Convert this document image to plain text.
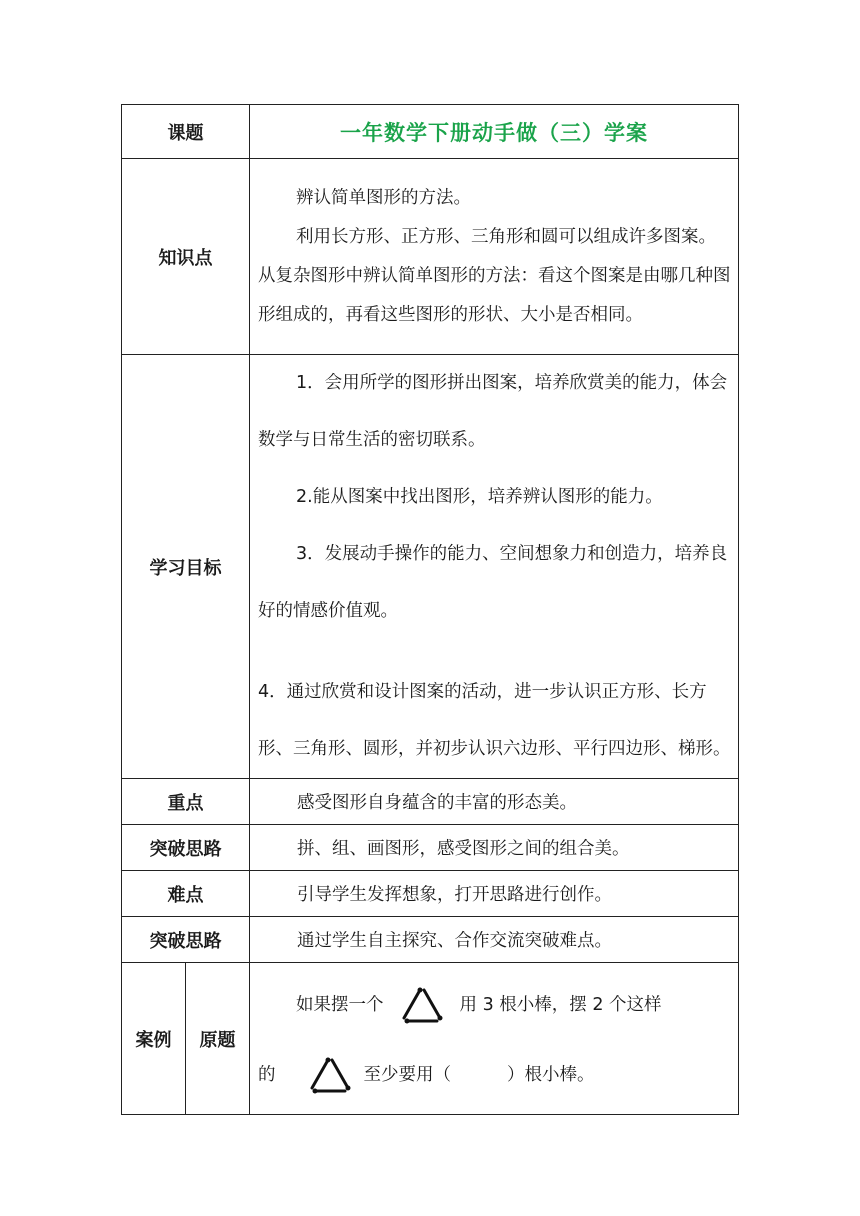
课题		一年数学下册动手做（三）学案
知识点		辨认简单图形的方法。
利用长方形、正方形、三角形和圆可以组成许多图案。从复杂图形中辨认简单图形的方法：看这个图案是由哪几种图形组成的，再看这些图形的形状、大小是否相同。

学习目标		1．会用所学的图形拼出图案，培养欣赏美的能力，体会数学与日常生活的密切联系。
2.能从图案中找出图形，培养辨认图形的能力。
3．发展动手操作的能力、空间想象力和创造力，培养良好的情感价值观。
4．通过欣赏和设计图案的活动，进一步认识正方形、长方形、三角形、圆形，并初步认识六边形、平行四边形、梯形。

重点		感受图形自身蕴含的丰富的形态美。
突破思路		拼、组、画图形，感受图形之间的组合美。
难点		引导学生发挥想象，打开思路进行创作。
突破思路		通过学生自主探究、合作交流突破难点。
案例	原题	如果摆一个 用 3 根小棒，摆 2 个这样
的 至少要用（ ）根小棒。
